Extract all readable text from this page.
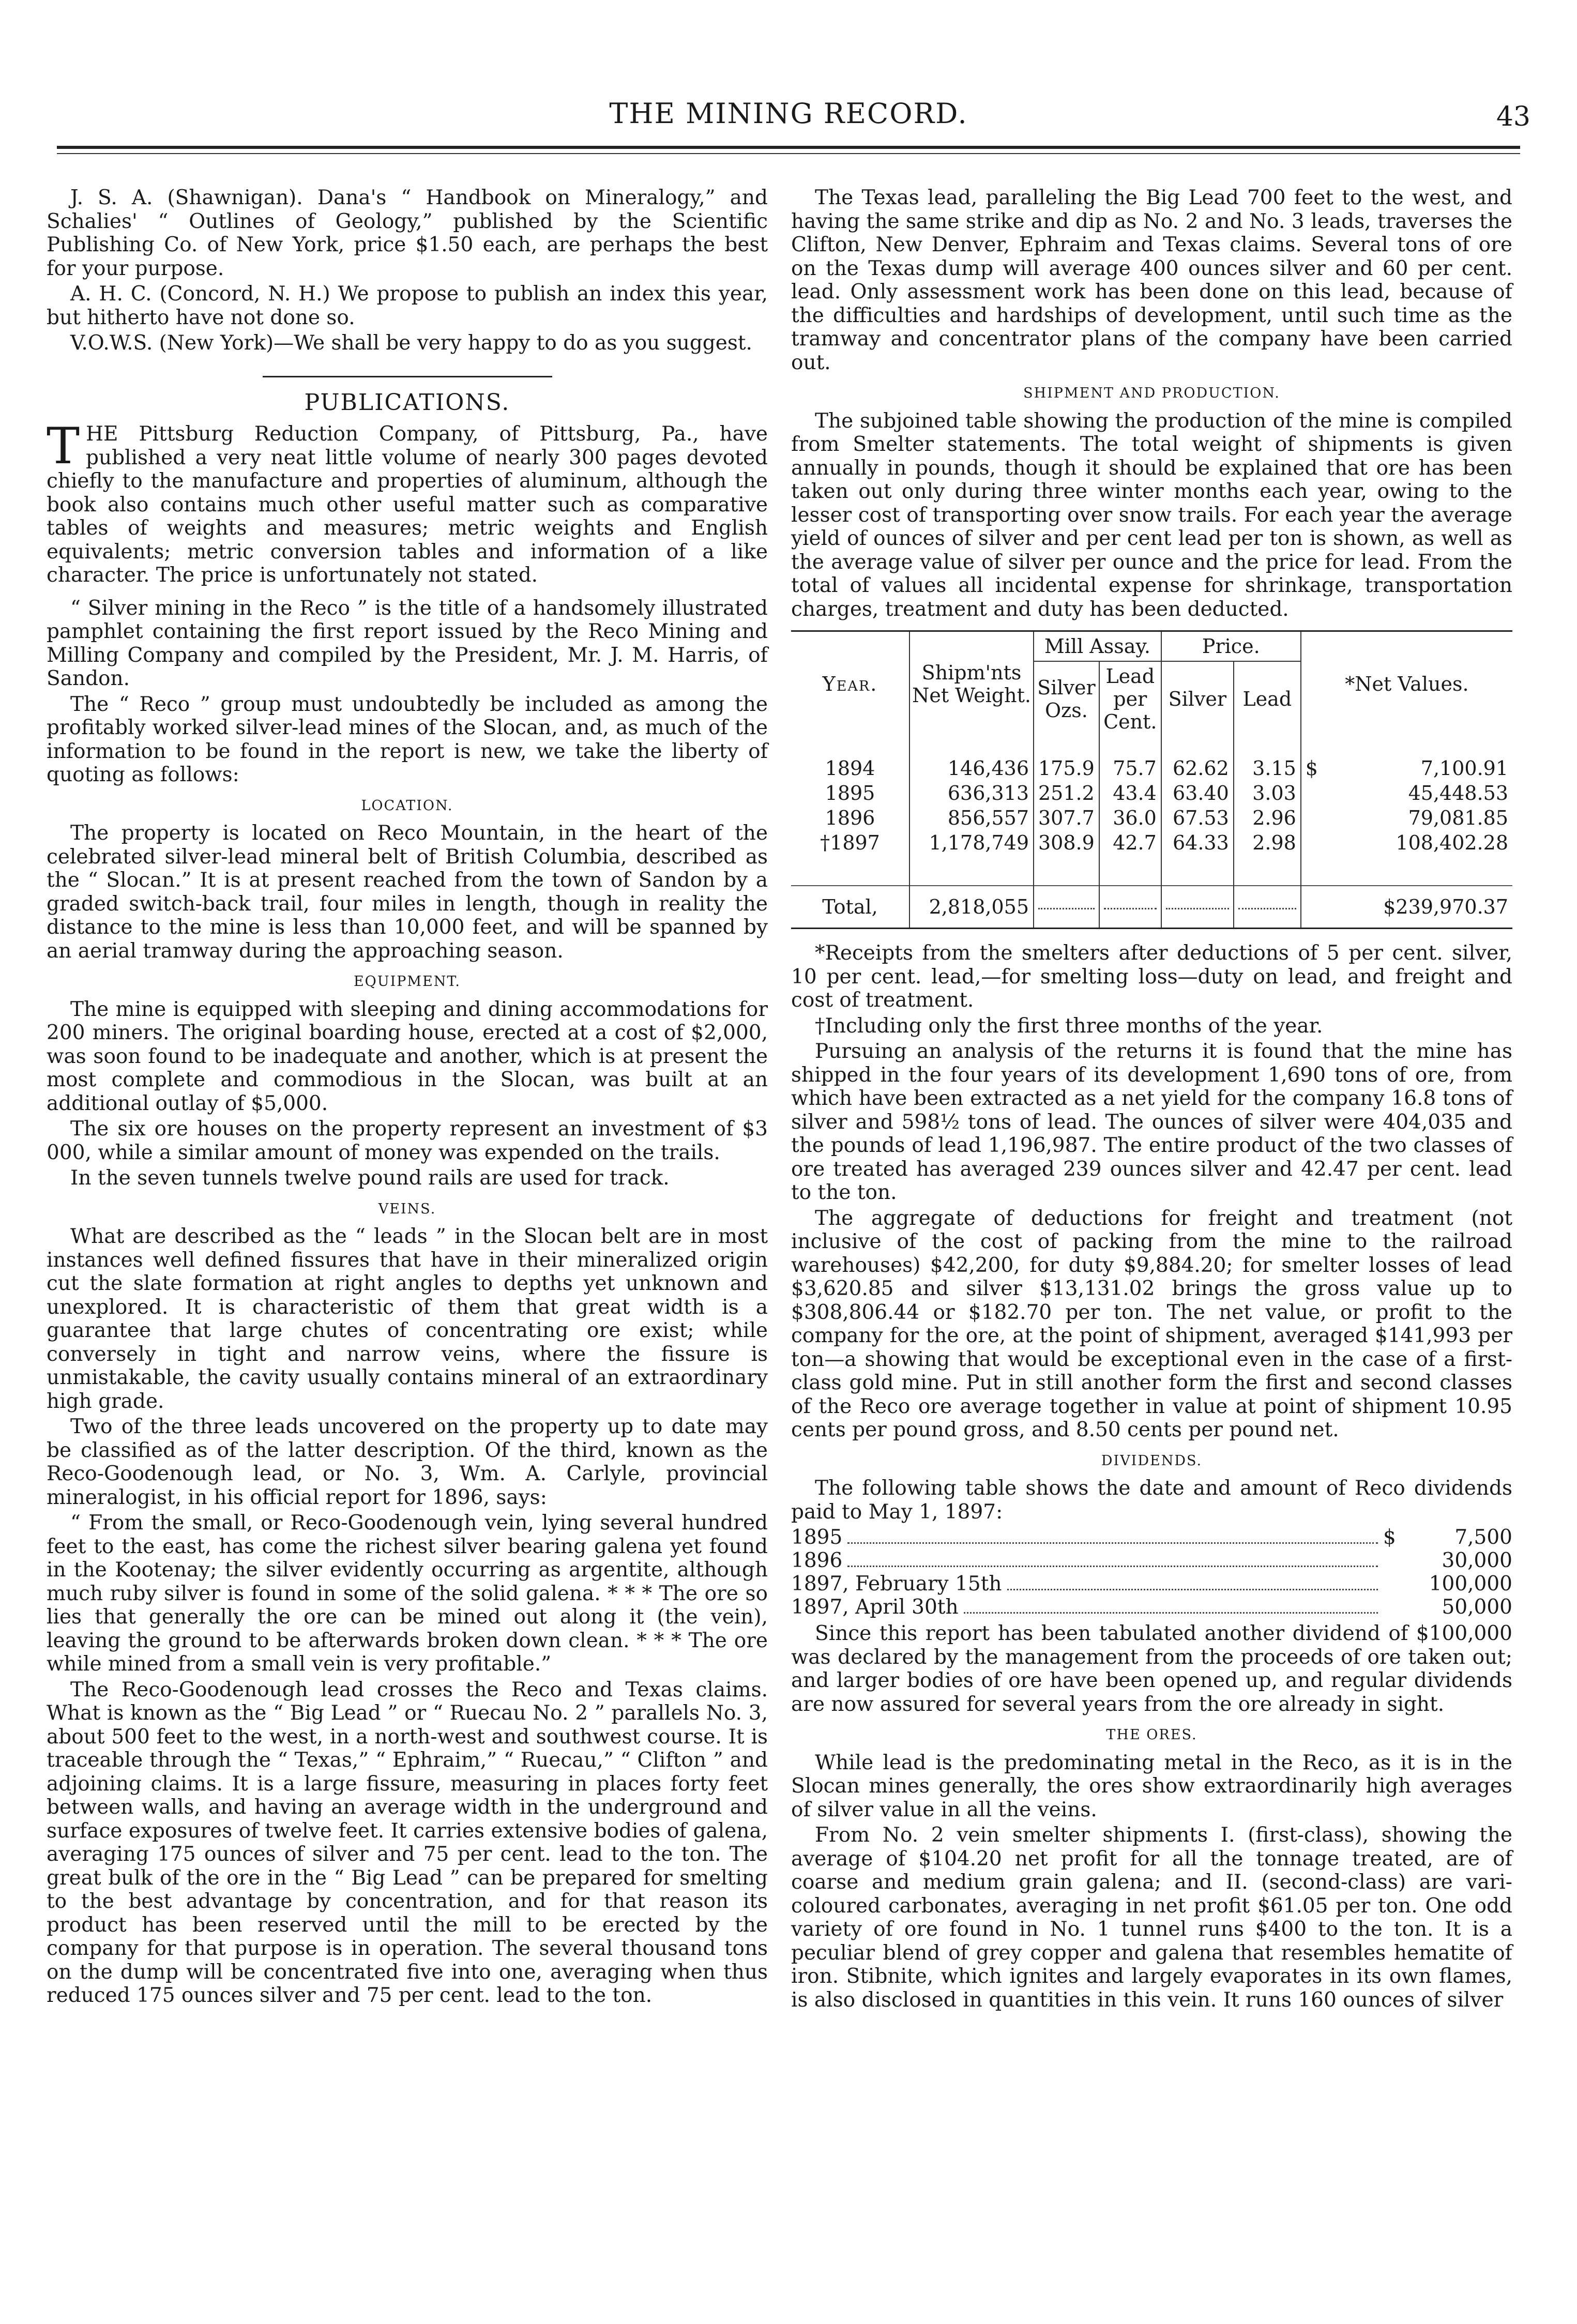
THE MINING RECORD.	43

J. S. A. (Shawnigan). Dana's “ Handbook on Mineralogy,” and Schalies' “ Outlines of Geology,” published by the Scientific Publishing Co. of New York, price $1.50 each, are perhaps the best for your purpose.

A. H. C. (Concord, N. H.) We propose to publish an index this year, but hitherto have not done so.

V.O.W.S. (New York)—We shall be very happy to do as you suggest.

PUBLICATIONS.

THE Pittsburg Reduction Company, of Pittsburg, Pa., have published a very neat little volume of nearly 300 pages devoted chiefly to the manufacture and properties of aluminum, although the book also contains much other useful matter such as comparative tables of weights and measures; metric weights and English equivalents; metric conversion tables and information of a like character. The price is unfortunately not stated.

“ Silver mining in the Reco ” is the title of a handsomely illustrated pamphlet containing the first report issued by the Reco Mining and Milling Company and compiled by the President, Mr. J. M. Harris, of Sandon.

The “ Reco ” group must undoubtedly be included as among the profitably worked silver-lead mines of the Slocan, and, as much of the information to be found in the report is new, we take the liberty of quoting as follows:

LOCATION.

The property is located on Reco Mountain, in the heart of the celebrated silver-lead mineral belt of British Columbia, described as the “ Slocan.” It is at present reached from the town of Sandon by a graded switch-back trail, four miles in length, though in reality the distance to the mine is less than 10,000 feet, and will be spanned by an aerial tramway during the approaching season.

EQUIPMENT.

The mine is equipped with sleeping and dining accommodations for 200 miners. The original boarding house, erected at a cost of $2,000, was soon found to be inadequate and another, which is at present the most complete and commodious in the Slocan, was built at an additional outlay of $5,000.

The six ore houses on the property represent an investment of $3 000, while a similar amount of money was expended on the trails.

In the seven tunnels twelve pound rails are used for track.

VEINS.

What are described as the “ leads ” in the Slocan belt are in most instances well defined fissures that have in their mineralized origin cut the slate formation at right angles to depths yet unknown and unexplored. It is characteristic of them that great width is a guarantee that large chutes of concentrating ore exist; while conversely in tight and narrow veins, where the fissure is unmistakable, the cavity usually contains mineral of an extraordinary high grade.

Two of the three leads uncovered on the property up to date may be classified as of the latter description. Of the third, known as the Reco-Goodenough lead, or No. 3, Wm. A. Carlyle, provincial mineralogist, in his official report for 1896, says:

“ From the small, or Reco-Goodenough vein, lying several hundred feet to the east, has come the richest silver bearing galena yet found in the Kootenay; the silver evidently occurring as argentite, although much ruby silver is found in some of the solid galena. * * * The ore so lies that generally the ore can be mined out along it (the vein), leaving the ground to be afterwards broken down clean. * * * The ore while mined from a small vein is very profitable.”

The Reco-Goodenough lead crosses the Reco and Texas claims. What is known as the “ Big Lead ” or “ Ruecau No. 2 ” parallels No. 3, about 500 feet to the west, in a north-west and southwest course. It is traceable through the “ Texas,” “ Ephraim,” “ Ruecau,” “ Clifton ” and adjoining claims. It is a large fissure, measuring in places forty feet between walls, and having an average width in the underground and surface exposures of twelve feet. It carries extensive bodies of galena, averaging 175 ounces of silver and 75 per cent. lead to the ton. The great bulk of the ore in the “ Big Lead ” can be prepared for smelting to the best advantage by concentration, and for that reason its product has been reserved until the mill to be erected by the company for that purpose is in operation. The several thousand tons on the dump will be concentrated five into one, averaging when thus reduced 175 ounces silver and 75 per cent. lead to the ton.

The Texas lead, paralleling the Big Lead 700 feet to the west, and having the same strike and dip as No. 2 and No. 3 leads, traverses the Clifton, New Denver, Ephraim and Texas claims. Several tons of ore on the Texas dump will average 400 ounces silver and 60 per cent. lead. Only assessment work has been done on this lead, because of the difficulties and hardships of development, until such time as the tramway and concentrator plans of the company have been carried out.

SHIPMENT AND PRODUCTION.

The subjoined table showing the production of the mine is compiled from Smelter statements. The total weight of shipments is given annually in pounds, though it should be explained that ore has been taken out only during three winter months each year, owing to the lesser cost of transporting over snow trails. For each year the average yield of ounces of silver and per cent lead per ton is shown, as well as the average value of silver per ounce and the price for lead. From the total of values all incidental expense for shrinkage, transportation charges, treatment and duty has been deducted.

Year.	Shipm'nts Net Weight.	Mill Assay.		Price.		*Net Values.
		Silver Ozs.	Lead per Cent.	Silver	Lead	
1894	146,436	175.9	75.7	62.62	3.15	$ 7,100.91

1895	636,313	251.2	43.4	63.40	3.03	45,448.53
1896	856,557	307.7	36.0	67.53	2.96	79,081.85
†1897	1,178,749	308.9	42.7	64.33	2.98	108,402.28
Total,	2,818,055					$239,970.37

*Receipts from the smelters after deductions of 5 per cent. silver, 10 per cent. lead,—for smelting loss—duty on lead, and freight and cost of treatment.

†Including only the first three months of the year.

Pursuing an analysis of the returns it is found that the mine has shipped in the four years of its development 1,690 tons of ore, from which have been extracted as a net yield for the company 16.8 tons of silver and 598½ tons of lead. The ounces of silver were 404,035 and the pounds of lead 1,196,987. The entire product of the two classes of ore treated has averaged 239 ounces silver and 42.47 per cent. lead to the ton.

The aggregate of deductions for freight and treatment (not inclusive of the cost of packing from the mine to the railroad warehouses) $42,200, for duty $9,884.20; for smelter losses of lead $3,620.85 and silver $13,131.02 brings the gross value up to $308,806.44 or $182.70 per ton. The net value, or profit to the company for the ore, at the point of shipment, averaged $141,993 per ton—a showing that would be exceptional even in the case of a first-class gold mine. Put in still another form the first and second classes of the Reco ore average together in value at point of shipment 10.95 cents per pound gross, and 8.50 cents per pound net.

DIVIDENDS.

The following table shows the date and amount of Reco dividends paid to May 1, 1897:

1895	$	7,500
1896	30,000
1897, February 15th	100,000
1897, April 30th	50,000

Since this report has been tabulated another dividend of $100,000 was declared by the management from the proceeds of ore taken out; and larger bodies of ore have been opened up, and regular dividends are now assured for several years from the ore already in sight.

THE ORES.

While lead is the predominating metal in the Reco, as it is in the Slocan mines generally, the ores show extraordinarily high averages of silver value in all the veins.

From No. 2 vein smelter shipments I. (first-class), showing the average of $104.20 net profit for all the tonnage treated, are of coarse and medium grain galena; and II. (second-class) are vari-coloured carbonates, averaging in net profit $61.05 per ton. One odd variety of ore found in No. 1 tunnel runs $400 to the ton. It is a peculiar blend of grey copper and galena that resembles hematite of iron. Stibnite, which ignites and largely evaporates in its own flames, is also disclosed in quantities in this vein. It runs 160 ounces of silver
